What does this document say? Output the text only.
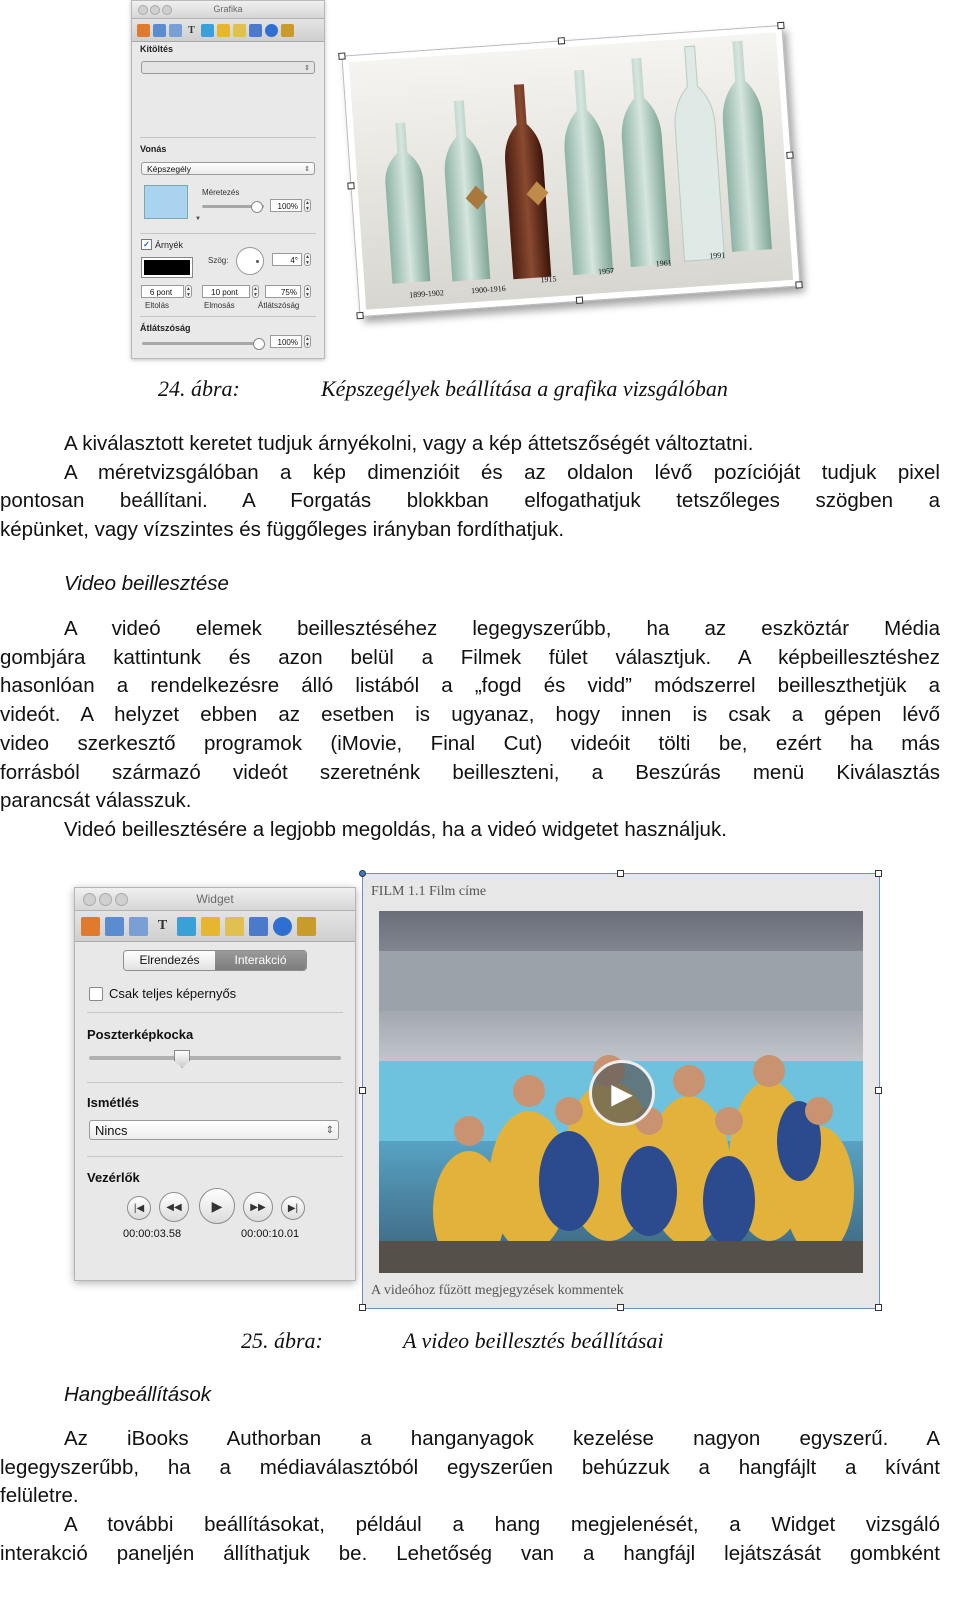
Grafika
T
Kitöltés
⇕
Vonás
Képszegély	⇕
▼
Méretezés
100%	▲
▼
✓ Árnyék
Szög:	4°	▲
▼
6 pont	▲
▼	10 pont	▲
▼	75%	▲
▼
Eltolás	Elmosás	Átlátszóság
Átlátszóság
100%	▲
▼
1899-1902	1900-1916
1915
1957
1961
1991
24. ábra:	Képszegélyek beállítása a grafika vizsgálóban
A kiválasztott keretet tudjuk árnyékolni, vagy a kép áttetszőségét változtatni.
A méretvizsgálóban a kép dimenzióit és az oldalon lévő pozícióját tudjuk pixel
pontosan beállítani. A Forgatás blokkban elfogathatjuk tetszőleges szögben a
képünket, vagy vízszintes és függőleges irányban fordíthatjuk.
Video beillesztése
A videó elemek beillesztéséhez legegyszerűbb, ha az eszköztár Média
gombjára kattintunk és azon belül a Filmek fület választjuk. A képbeillesztéshez
hasonlóan a rendelkezésre álló listából a „fogd és vidd” módszerrel beilleszthetjük a
videót. A helyzet ebben az esetben is ugyanaz, hogy innen is csak a gépen lévő
video szerkesztő programok (iMovie, Final Cut) videóit tölti be, ezért ha más
forrásból származó videót szeretnénk beilleszteni, a Beszúrás menü Kiválasztás
parancsát válasszuk.
Videó beillesztésére a legjobb megoldás, ha a videó widgetet használjuk.
Widget
T
Elrendezés	Interakció
Csak teljes képernyős
Poszterképkocka
Ismétlés
Nincs	⇕
Vezérlők
|◀	◀◀	▶	▶▶	▶|
00:00:03.58	00:00:10.01
FILM 1.1 Film címe
▶
A videóhoz fűzött megjegyzések kommentek
25. ábra:	A video beillesztés beállításai
Hangbeállítások
Az iBooks Authorban a hanganyagok kezelése nagyon egyszerű. A
legegyszerűbb, ha a médiaválasztóból egyszerűen behúzzuk a hangfájlt a kívánt
felületre.
A további beállításokat, például a hang megjelenését, a Widget vizsgáló
interakció paneljén állíthatjuk be. Lehetőség van a hangfájl lejátszását gombként
